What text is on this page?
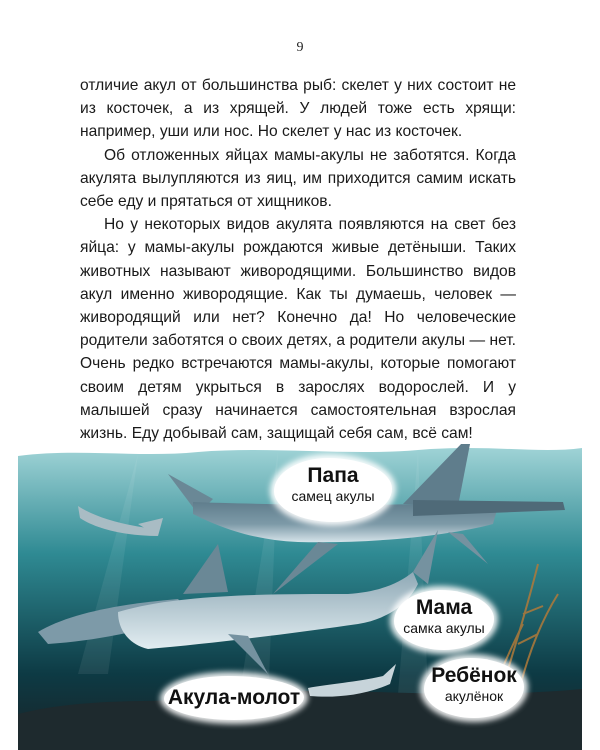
9

отличие акул от большинства рыб: скелет у них состоит не из косточек, а из хрящей. У людей тоже есть хрящи: например, уши или нос. Но скелет у нас из косточек.

Об отложенных яйцах мамы-акулы не заботятся. Когда акулята вылупляются из яиц, им приходится самим искать себе еду и прятаться от хищников.

Но у некоторых видов акулята появляются на свет без яйца: у мамы-акулы рождаются живые детёныши. Таких животных называют живородящими. Большинство видов акул именно живородящие. Как ты думаешь, человек — живородящий или нет? Конечно да! Но человеческие родители заботятся о своих детях, а родители акулы — нет. Очень редко встречаются мамы-акулы, которые помогают своим детям укрыться в зарослях водорослей. И у малышей сразу начинается самостоятельная взрослая жизнь. Еду добывай сам, защищай себя сам, всё сам!

Папа
самец акулы
Мама
самка акулы
Ребёнок
акулёнок
Акула-молот
